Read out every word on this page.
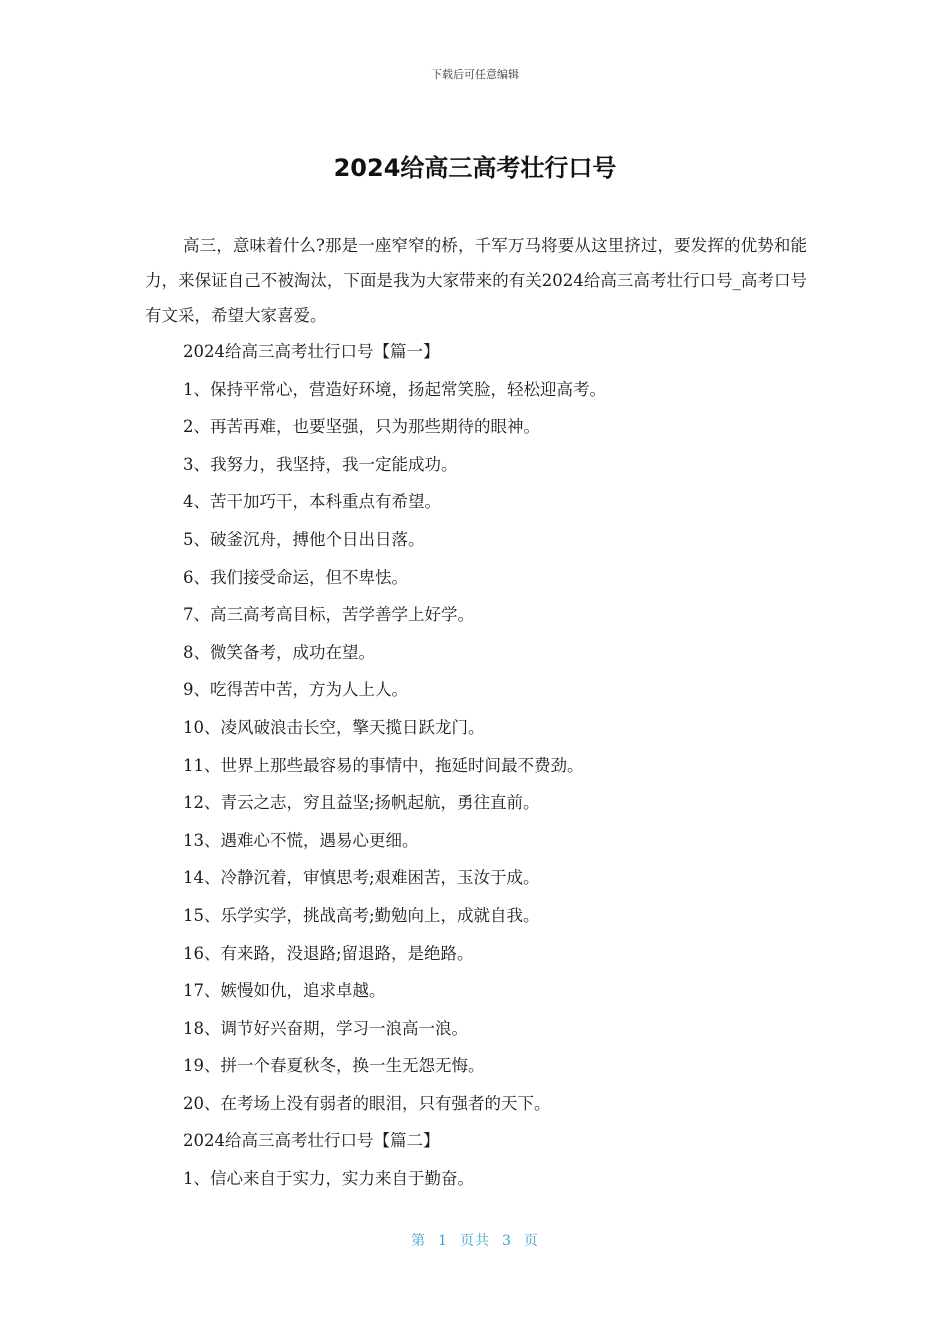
下载后可任意编辑
2024给高三高考壮行口号

高三，意味着什么?那是一座窄窄的桥，千军万马将要从这里挤过，要发挥的优势和能力，来保证自己不被淘汰，下面是我为大家带来的有关2024给高三高考壮行口号_高考口号有文采，希望大家喜爱。

2024给高三高考壮行口号【篇一】

1、保持平常心，营造好环境，扬起常笑脸，轻松迎高考。

2、再苦再难，也要坚强，只为那些期待的眼神。

3、我努力，我坚持，我一定能成功。

4、苦干加巧干，本科重点有希望。

5、破釜沉舟，搏他个日出日落。

6、我们接受命运，但不卑怯。

7、高三高考高目标，苦学善学上好学。

8、微笑备考，成功在望。

9、吃得苦中苦，方为人上人。

10、凌风破浪击长空，擎天揽日跃龙门。

11、世界上那些最容易的事情中，拖延时间最不费劲。

12、青云之志，穷且益坚;扬帆起航，勇往直前。

13、遇难心不慌，遇易心更细。

14、冷静沉着，审慎思考;艰难困苦，玉汝于成。

15、乐学实学，挑战高考;勤勉向上，成就自我。

16、有来路，没退路;留退路，是绝路。

17、嫉慢如仇，追求卓越。

18、调节好兴奋期，学习一浪高一浪。

19、拼一个春夏秋冬，换一生无怨无悔。

20、在考场上没有弱者的眼泪，只有强者的天下。

2024给高三高考壮行口号【篇二】

1、信心来自于实力，实力来自于勤奋。

第 1 页共 3 页
